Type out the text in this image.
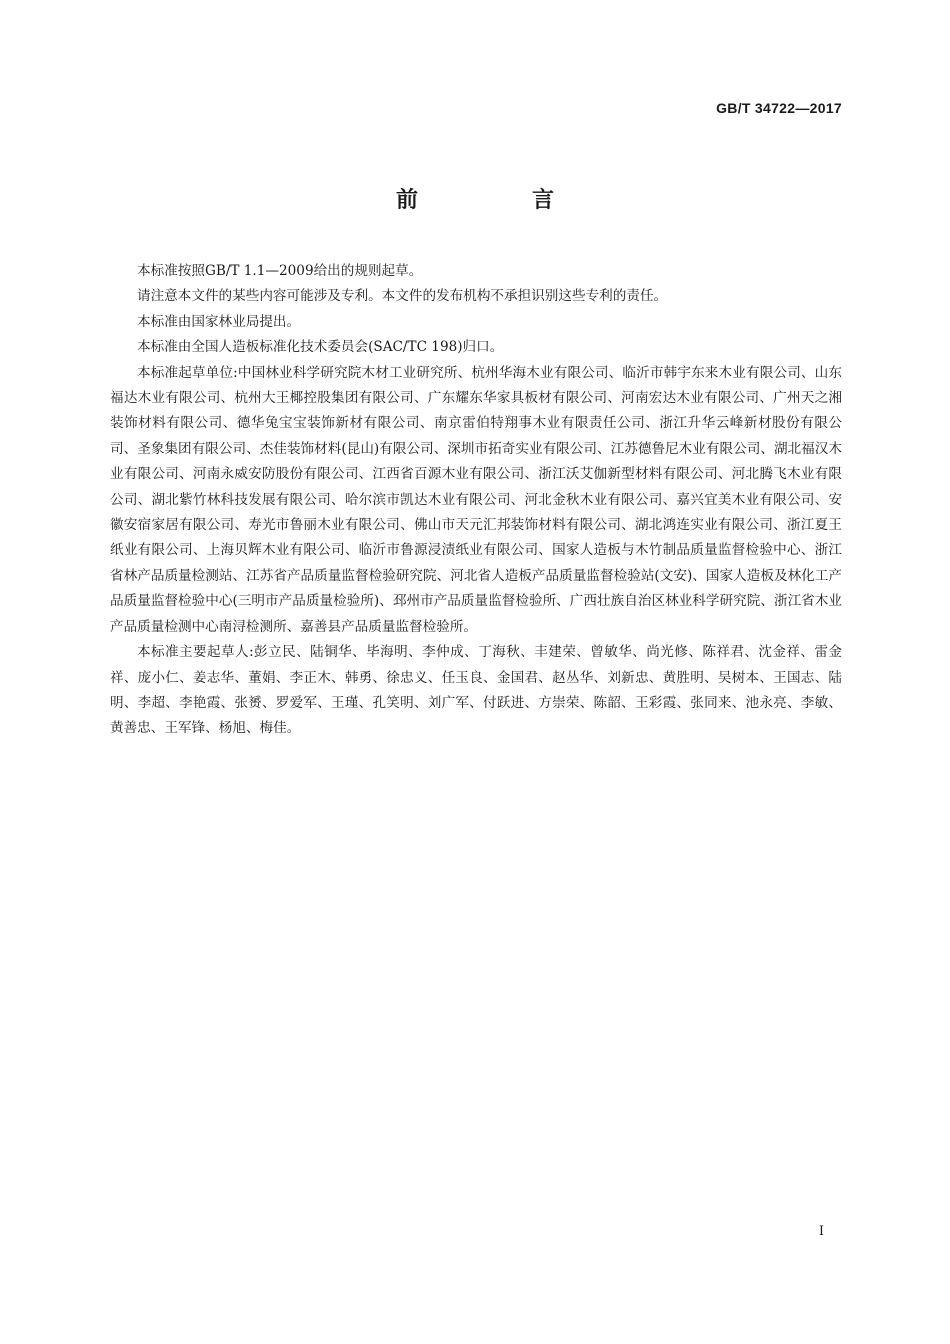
GB/T 34722—2017
前　言

本标准按照GB/T 1.1—2009给出的规则起草。

请注意本文件的某些内容可能涉及专利。本文件的发布机构不承担识别这些专利的责任。

本标准由国家林业局提出。

本标准由全国人造板标准化技术委员会(SAC/TC 198)归口。

本标准起草单位:中国林业科学研究院木材工业研究所、杭州华海木业有限公司、临沂市韩宇东来木业有限公司、山东福达木业有限公司、杭州大王椰控股集团有限公司、广东耀东华家具板材有限公司、河南宏达木业有限公司、广州天之湘装饰材料有限公司、德华兔宝宝装饰新材有限公司、南京雷伯特翔事木业有限责任公司、浙江升华云峰新材股份有限公司、圣象集团有限公司、杰佳装饰材料(昆山)有限公司、深圳市拓奇实业有限公司、江苏德鲁尼木业有限公司、湖北福汉木业有限公司、河南永威安防股份有限公司、江西省百源木业有限公司、浙江沃艾伽新型材料有限公司、河北腾飞木业有限公司、湖北紫竹林科技发展有限公司、哈尔滨市凯达木业有限公司、河北金秋木业有限公司、嘉兴宜美木业有限公司、安徽安宿家居有限公司、寿光市鲁丽木业有限公司、佛山市天元汇邦装饰材料有限公司、湖北鸿连实业有限公司、浙江夏王纸业有限公司、上海贝辉木业有限公司、临沂市鲁源浸渍纸业有限公司、国家人造板与木竹制品质量监督检验中心、浙江省林产品质量检测站、江苏省产品质量监督检验研究院、河北省人造板产品质量监督检验站(文安)、国家人造板及林化工产品质量监督检验中心(三明市产品质量检验所)、邳州市产品质量监督检验所、广西壮族自治区林业科学研究院、浙江省木业产品质量检测中心南浔检测所、嘉善县产品质量监督检验所。

本标准主要起草人:彭立民、陆铜华、毕海明、李仲成、丁海秋、丰建荣、曾敏华、尚光修、陈祥君、沈金祥、雷金祥、庞小仁、姜志华、董娟、李正木、韩勇、徐忠义、任玉良、金国君、赵丛华、刘新忠、黄胜明、吴树本、王国志、陆明、李超、李艳霞、张赟、罗爱军、王瑾、孔笑明、刘广军、付跃进、方崇荣、陈韶、王彩霞、张同来、池永亮、李敏、黄善忠、王军锋、杨旭、梅佳。

I
